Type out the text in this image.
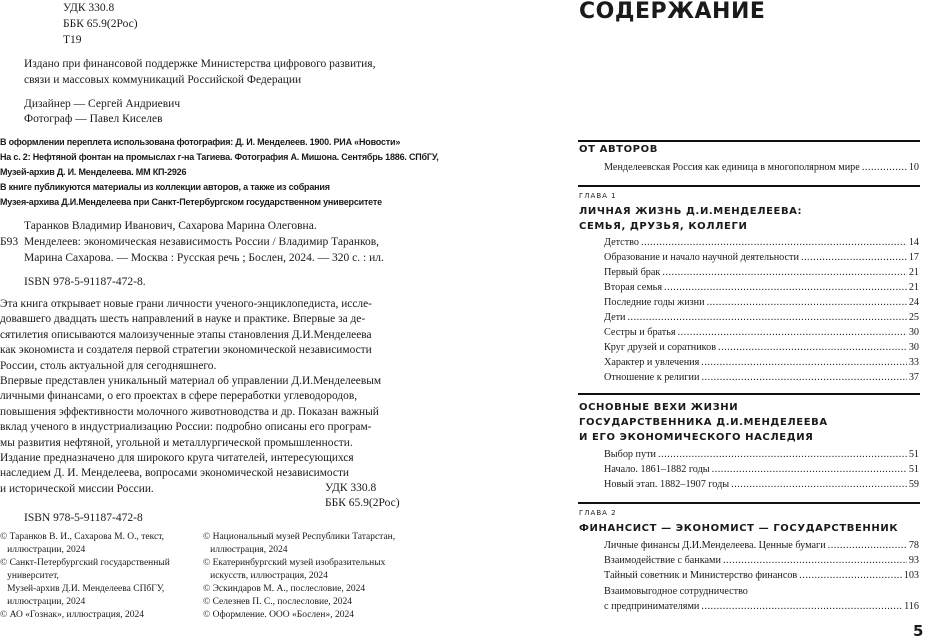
УДК 330.8
ББК 65.9(2Рос)
Т19
Издано при финансовой поддержке Министерства цифрового развития,
связи и массовых коммуникаций Российской Федерации
Дизайнер — Сергей Андриевич
Фотограф — Павел Киселев
В оформлении переплета использована фотография: Д. И. Менделеев. 1900. РИА «Новости»
На с. 2: Нефтяной фонтан на промыслах г-на Тагиева. Фотография А. Мишона. Сентябрь 1886. СПбГУ,
Музей-архив Д. И. Менделеева. ММ КП-2926
В книге публикуются материалы из коллекции авторов, а также из собрания
Музея-архива Д.И.Менделеева при Санкт-Петербургском государственном университете
Таранков Владимир Иванович, Сахарова Марина Олеговна.
Б93 Менделеев: экономическая независимость России / Владимир Таранков,
Марина Сахарова. — Москва : Русская речь ; Бослен, 2024. — 320 с. : ил.
ISBN 978-5-91187-472-8.
Эта книга открывает новые грани личности ученого-энциклопедиста, иссле-
довавшего двадцать шесть направлений в науке и практике. Впервые за де-
сятилетия описываются малоизученные этапы становления Д.И.Менделеева
как экономиста и создателя первой стратегии экономической независимости
России, столь актуальной для сегодняшнего.
Впервые представлен уникальный материал об управлении Д.И.Менделеевым
личными финансами, о его проектах в сфере переработки углеводородов,
повышения эффективности молочного животноводства и др. Показан важный
вклад ученого в индустриализацию России: подробно описаны его програм-
мы развития нефтяной, угольной и металлургической промышленности.
Издание предназначено для широкого круга читателей, интересующихся
наследием Д. И. Менделеева, вопросами экономической независимости
и исторической миссии России.	УДК 330.8
ББК 65.9(2Рос)
ISBN 978-5-91187-472-8
© Таранков В. И., Сахарова М. О., текст,
иллюстрации, 2024
© Санкт-Петербургский государственный
университет,
Музей-архив Д.И. Менделеева СПбГУ,
иллюстрации, 2024
© АО «Гознак», иллюстрация, 2024
© Национальный музей Республики Татарстан,
иллюстрация, 2024
© Екатеринбургский музей изобразительных
искусств, иллюстрация, 2024
© Эскиндаров М. А., послесловие, 2024
© Селезнев П. С., послесловие, 2024
© Оформление. ООО «Бослен», 2024
СОДЕРЖАНИЕ
ОТ АВТОРОВ
Менделеевская Россия как единица в многополярном мире .....	10
ГЛАВА 1
ЛИЧНАЯ ЖИЗНЬ Д.И.МЕНДЕЛЕЕВА:
СЕМЬЯ, ДРУЗЬЯ, КОЛЛЕГИ
Детство .....	14
Образование и начало научной деятельности .....	17
Первый брак .....	21
Вторая семья .....	21
Последние годы жизни .....	24
Дети .....	25
Сестры и братья .....	30
Круг друзей и соратников .....	30
Характер и увлечения .....	33
Отношение к религии .....	37
ОСНОВНЫЕ ВЕХИ ЖИЗНИ
ГОСУДАРСТВЕННИКА Д.И.МЕНДЕЛЕЕВА
И ЕГО ЭКОНОМИЧЕСКОГО НАСЛЕДИЯ
Выбор пути .....	51
Начало. 1861–1882 годы .....	51
Новый этап. 1882–1907 годы .....	59
ГЛАВА 2
ФИНАНСИСТ — ЭКОНОМИСТ — ГОСУДАРСТВЕННИК
Личные финансы Д.И.Менделеева. Ценные бумаги .....	78
Взаимодействие с банками .....	93
Тайный советник и Министерство финансов .....	103
Взаимовыгодное сотрудничество
с предпринимателями .....	116
5
